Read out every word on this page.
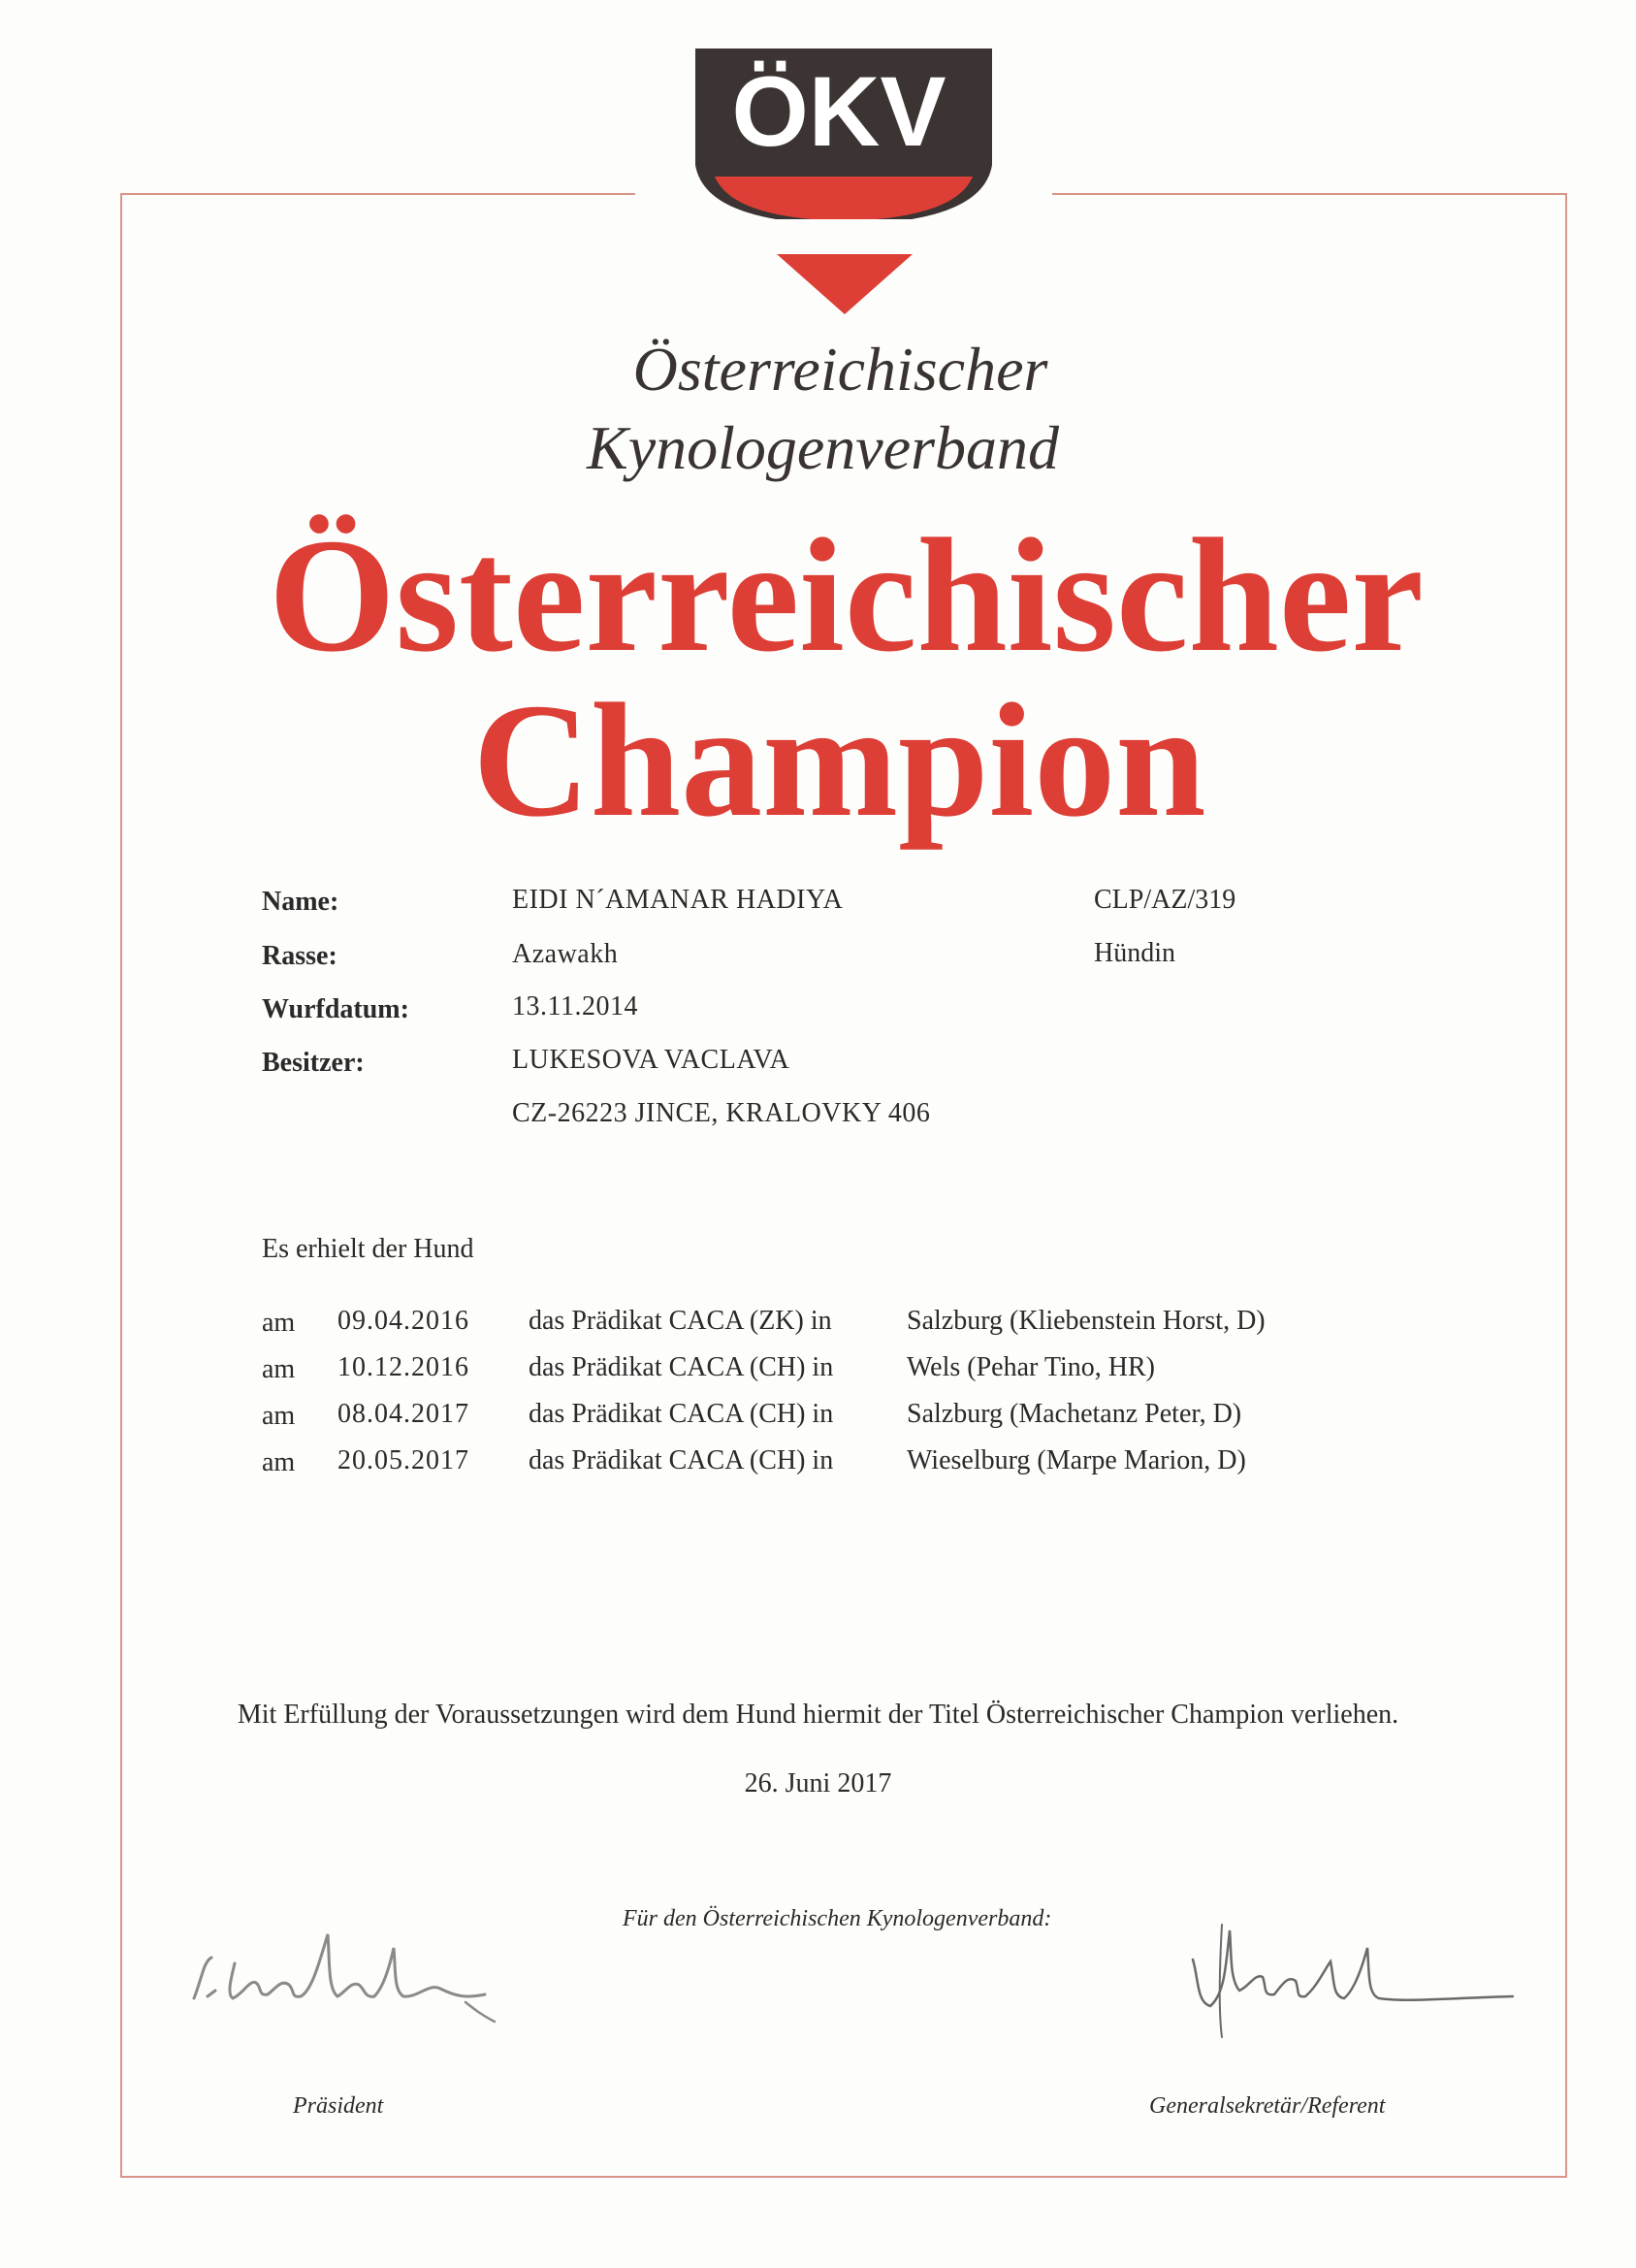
ÖKV
Österreichischer
Kynologenverband
Österreichischer
Champion
Name:	EIDI N´AMANAR HADIYA	CLP/AZ/319
Rasse:	Azawakh	Hündin
Wurfdatum:	13.11.2014
Besitzer:	LUKESOVA VACLAVA
CZ-26223 JINCE, KRALOVKY 406
Es erhielt der Hund
am 09.04.2016 das Prädikat CACA (ZK) in	Salzburg (Kliebenstein Horst, D)
am 10.12.2016 das Prädikat CACA (CH) in	Wels (Pehar Tino, HR)
am 08.04.2017 das Prädikat CACA (CH) in	Salzburg (Machetanz Peter, D)
am 20.05.2017 das Prädikat CACA (CH) in	Wieselburg (Marpe Marion, D)
Mit Erfüllung der Voraussetzungen wird dem Hund hiermit der Titel Österreichischer Champion verliehen.
26. Juni 2017
Für den Österreichischen Kynologenverband:
Präsident	Generalsekretär/Referent
